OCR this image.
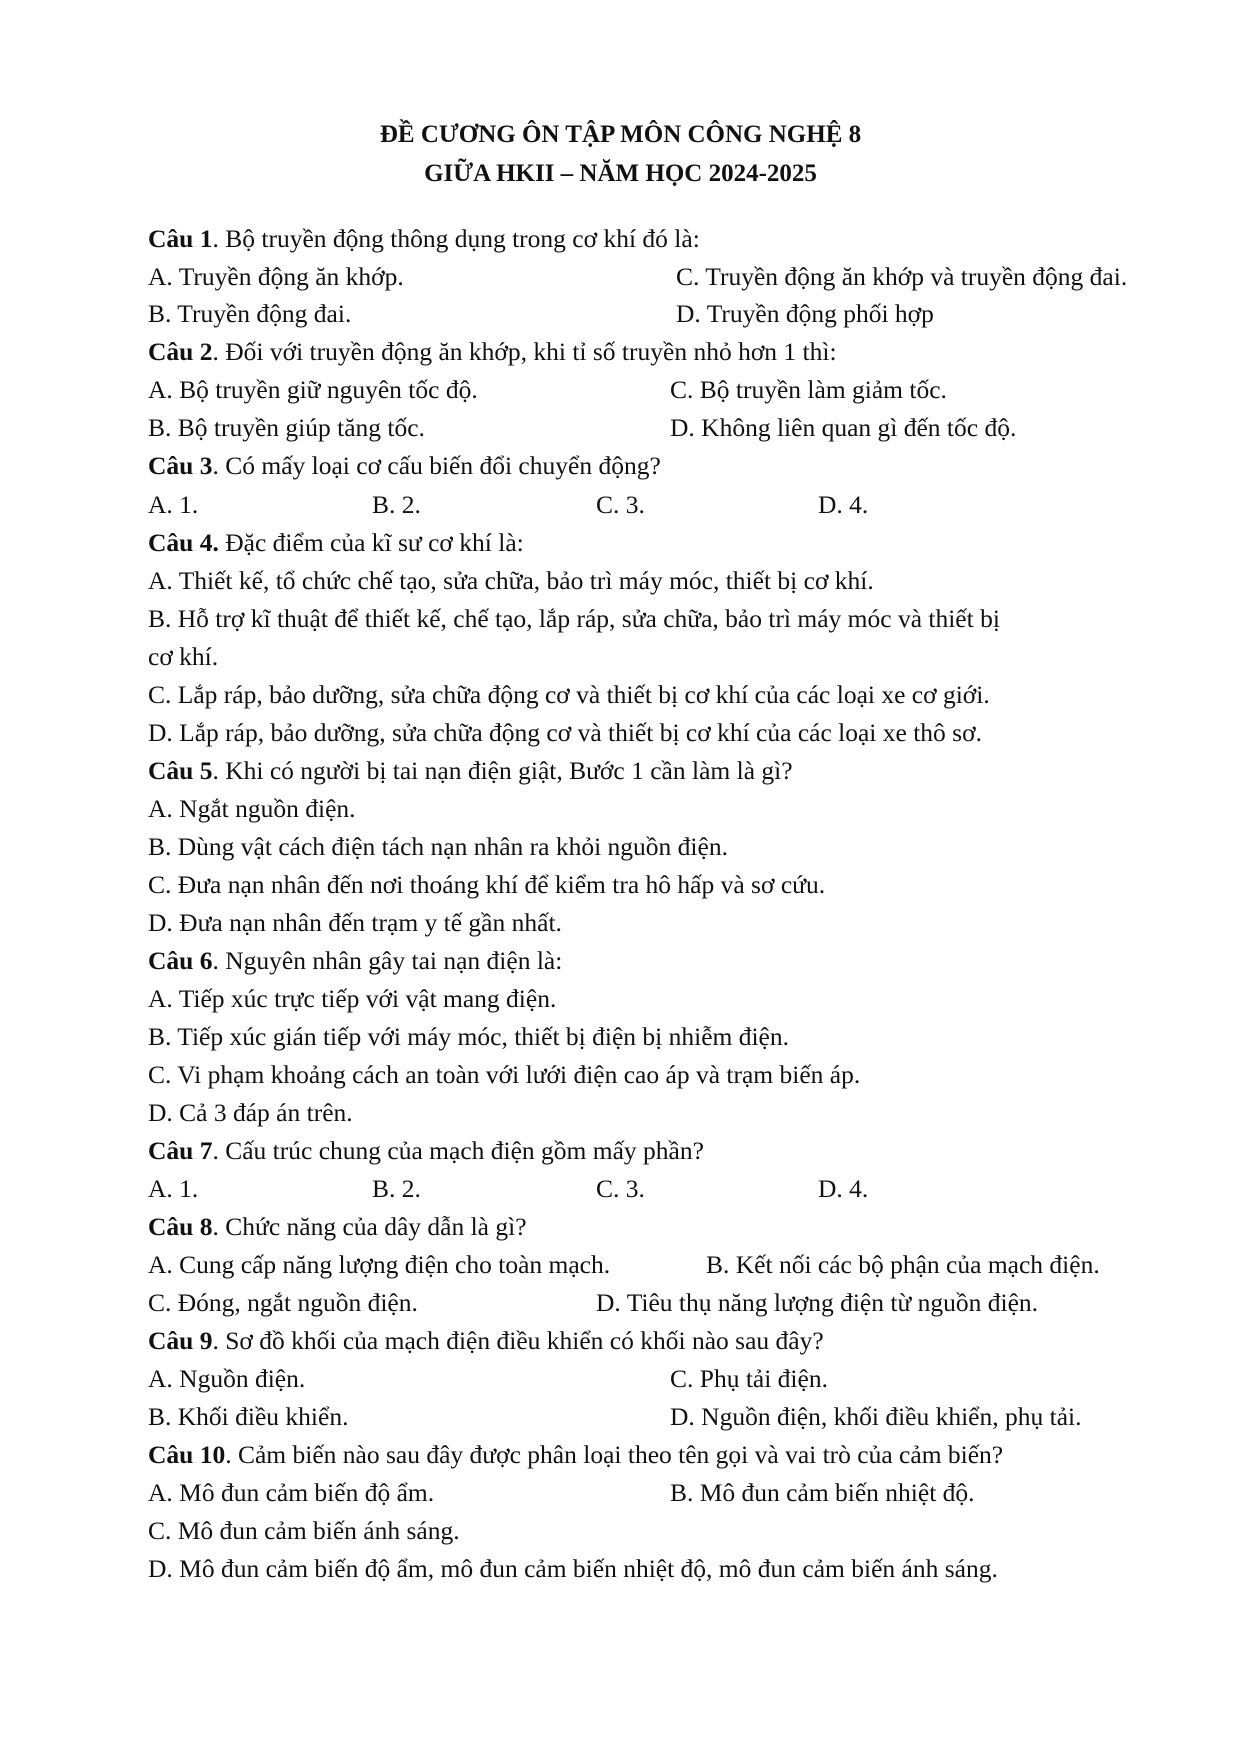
ĐỀ CƯƠNG ÔN TẬP MÔN CÔNG NGHỆ 8
GIỮA HKII – NĂM HỌC 2024-2025
Câu 1. Bộ truyền động thông dụng trong cơ khí đó là:
A. Truyền động ăn khớp.	C. Truyền động ăn khớp và truyền động đai.
B. Truyền động đai.	D. Truyền động phối hợp
Câu 2. Đối với truyền động ăn khớp, khi tỉ số truyền nhỏ hơn 1 thì:
A. Bộ truyền giữ nguyên tốc độ.	C. Bộ truyền làm giảm tốc.
B. Bộ truyền giúp tăng tốc.	D. Không liên quan gì đến tốc độ.
Câu 3. Có mấy loại cơ cấu biến đổi chuyển động?
A. 1.	B. 2.	C. 3.	D. 4.
Câu 4. Đặc điểm của kĩ sư cơ khí là:
A. Thiết kế, tổ chức chế tạo, sửa chữa, bảo trì máy móc, thiết bị cơ khí.
B. Hỗ trợ kĩ thuật để thiết kế, chế tạo, lắp ráp, sửa chữa, bảo trì máy móc và thiết bị
cơ khí.
C. Lắp ráp, bảo dưỡng, sửa chữa động cơ và thiết bị cơ khí của các loại xe cơ giới.
D. Lắp ráp, bảo dưỡng, sửa chữa động cơ và thiết bị cơ khí của các loại xe thô sơ.
Câu 5. Khi có người bị tai nạn điện giật, Bước 1 cần làm là gì?
A. Ngắt nguồn điện.
B. Dùng vật cách điện tách nạn nhân ra khỏi nguồn điện.
C. Đưa nạn nhân đến nơi thoáng khí để kiểm tra hô hấp và sơ cứu.
D. Đưa nạn nhân đến trạm y tế gần nhất.
Câu 6. Nguyên nhân gây tai nạn điện là:
A. Tiếp xúc trực tiếp với vật mang điện.
B. Tiếp xúc gián tiếp với máy móc, thiết bị điện bị nhiễm điện.
C. Vi phạm khoảng cách an toàn với lưới điện cao áp và trạm biến áp.
D. Cả 3 đáp án trên.
Câu 7. Cấu trúc chung của mạch điện gồm mấy phần?
A. 1.	B. 2.	C. 3.	D. 4.
Câu 8. Chức năng của dây dẫn là gì?
A. Cung cấp năng lượng điện cho toàn mạch.	B. Kết nối các bộ phận của mạch điện.
C. Đóng, ngắt nguồn điện.	D. Tiêu thụ năng lượng điện từ nguồn điện.
Câu 9. Sơ đồ khối của mạch điện điều khiển có khối nào sau đây?
A. Nguồn điện.	C. Phụ tải điện.
B. Khối điều khiển.	D. Nguồn điện, khối điều khiển, phụ tải.
Câu 10. Cảm biến nào sau đây được phân loại theo tên gọi và vai trò của cảm biến?
A. Mô đun cảm biến độ ẩm.	B. Mô đun cảm biến nhiệt độ.
C. Mô đun cảm biến ánh sáng.
D. Mô đun cảm biến độ ẩm, mô đun cảm biến nhiệt độ, mô đun cảm biến ánh sáng.
